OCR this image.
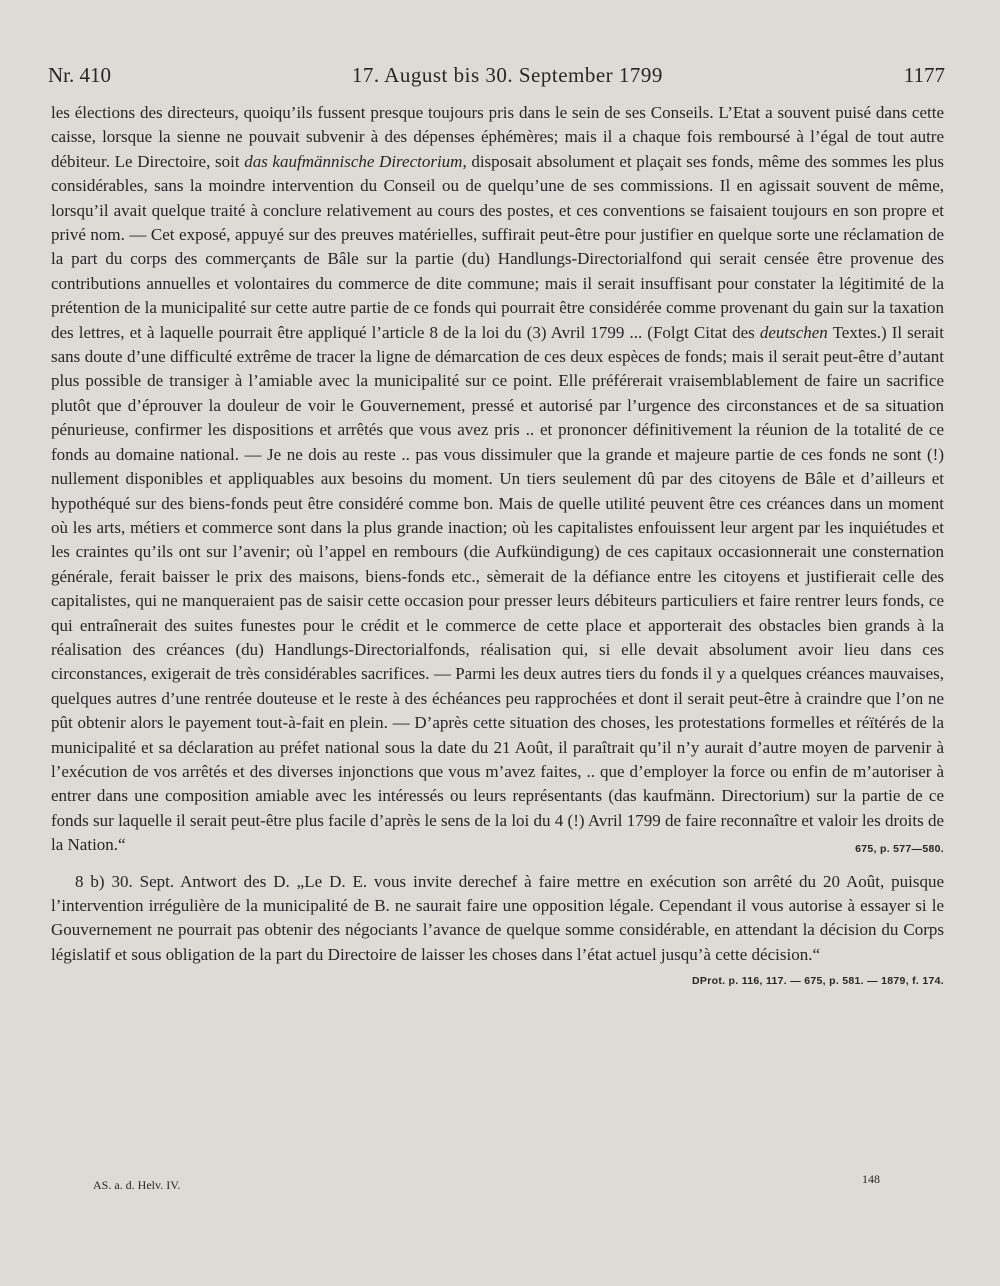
Nr. 410	17. August bis 30. September 1799	1177

les élections des directeurs, quoiqu’ils fussent presque toujours pris dans le sein de ses Conseils. L’Etat a souvent puisé dans cette caisse, lorsque la sienne ne pouvait subvenir à des dépenses éphémères; mais il a chaque fois remboursé à l’égal de tout autre débiteur. Le Directoire, soit das kaufmännische Directorium, disposait absolument et plaçait ses fonds, même des sommes les plus considérables, sans la moindre intervention du Conseil ou de quelqu’une de ses commissions. Il en agissait souvent de même, lorsqu’il avait quelque traité à conclure relativement au cours des postes, et ces conventions se faisaient toujours en son propre et privé nom. — Cet exposé, appuyé sur des preuves matérielles, suffirait peut-être pour justifier en quelque sorte une réclamation de la part du corps des commerçants de Bâle sur la partie (du) Handlungs-Directorialfond qui serait censée être provenue des contributions annuelles et volontaires du commerce de dite commune; mais il serait insuffisant pour constater la légitimité de la prétention de la municipalité sur cette autre partie de ce fonds qui pourrait être considérée comme provenant du gain sur la taxation des lettres, et à laquelle pourrait être appliqué l’article 8 de la loi du (3) Avril 1799 ... (Folgt Citat des deutschen Textes.) Il serait sans doute d’une difficulté extrême de tracer la ligne de démarcation de ces deux espèces de fonds; mais il serait peut-être d’autant plus possible de transiger à l’amiable avec la municipalité sur ce point. Elle préférerait vraisemblablement de faire un sacrifice plutôt que d’éprouver la douleur de voir le Gouvernement, pressé et autorisé par l’urgence des circonstances et de sa situation pénurieuse, confirmer les dispositions et arrêtés que vous avez pris .. et prononcer définitivement la réunion de la totalité de ce fonds au domaine national. — Je ne dois au reste .. pas vous dissimuler que la grande et majeure partie de ces fonds ne sont (!) nullement disponibles et appliquables aux besoins du moment. Un tiers seulement dû par des citoyens de Bâle et d’ailleurs et hypothéqué sur des biens-fonds peut être considéré comme bon. Mais de quelle utilité peuvent être ces créances dans un moment où les arts, métiers et commerce sont dans la plus grande inaction; où les capitalistes enfouissent leur argent par les inquiétudes et les craintes qu’ils ont sur l’avenir; où l’appel en rembours (die Aufkündigung) de ces capitaux occasionnerait une consternation générale, ferait baisser le prix des maisons, biens-fonds etc., sèmerait de la défiance entre les citoyens et justifierait celle des capitalistes, qui ne manqueraient pas de saisir cette occasion pour presser leurs débiteurs particuliers et faire rentrer leurs fonds, ce qui entraînerait des suites funestes pour le crédit et le commerce de cette place et apporterait des obstacles bien grands à la réalisation des créances (du) Handlungs-Directorialfonds, réalisation qui, si elle devait absolument avoir lieu dans ces circonstances, exigerait de très considérables sacrifices. — Parmi les deux autres tiers du fonds il y a quelques créances mauvaises, quelques autres d’une rentrée douteuse et le reste à des échéances peu rapprochées et dont il serait peut-être à craindre que l’on ne pût obtenir alors le payement tout-à-fait en plein. — D’après cette situation des choses, les protestations formelles et réïtérés de la municipalité et sa déclaration au préfet national sous la date du 21 Août, il paraîtrait qu’il n’y aurait d’autre moyen de parvenir à l’exécution de vos arrêtés et des diverses injonctions que vous m’avez faites, .. que d’employer la force ou enfin de m’autoriser à entrer dans une composition amiable avec les intéressés ou leurs représentants (das kaufmänn. Directorium) sur la partie de ce fonds sur laquelle il serait peut-être plus facile d’après le sens de la loi du 4 (!) Avril 1799 de faire reconnaître et valoir les droits de la Nation.“	675, p. 577—580.

8 b) 30. Sept. Antwort des D. „Le D. E. vous invite derechef à faire mettre en exécution son arrêté du 20 Août, puisque l’intervention irrégulière de la municipalité de B. ne saurait faire une opposition légale. Cependant il vous autorise à essayer si le Gouvernement ne pourrait pas obtenir des négociants l’avance de quelque somme considérable, en attendant la décision du Corps législatif et sous obligation de la part du Directoire de laisser les choses dans l’état actuel jusqu’à cette décision.“

DProt. p. 116, 117. — 675, p. 581. — 1879, f. 174.
AS. a. d. Helv. IV.	148
